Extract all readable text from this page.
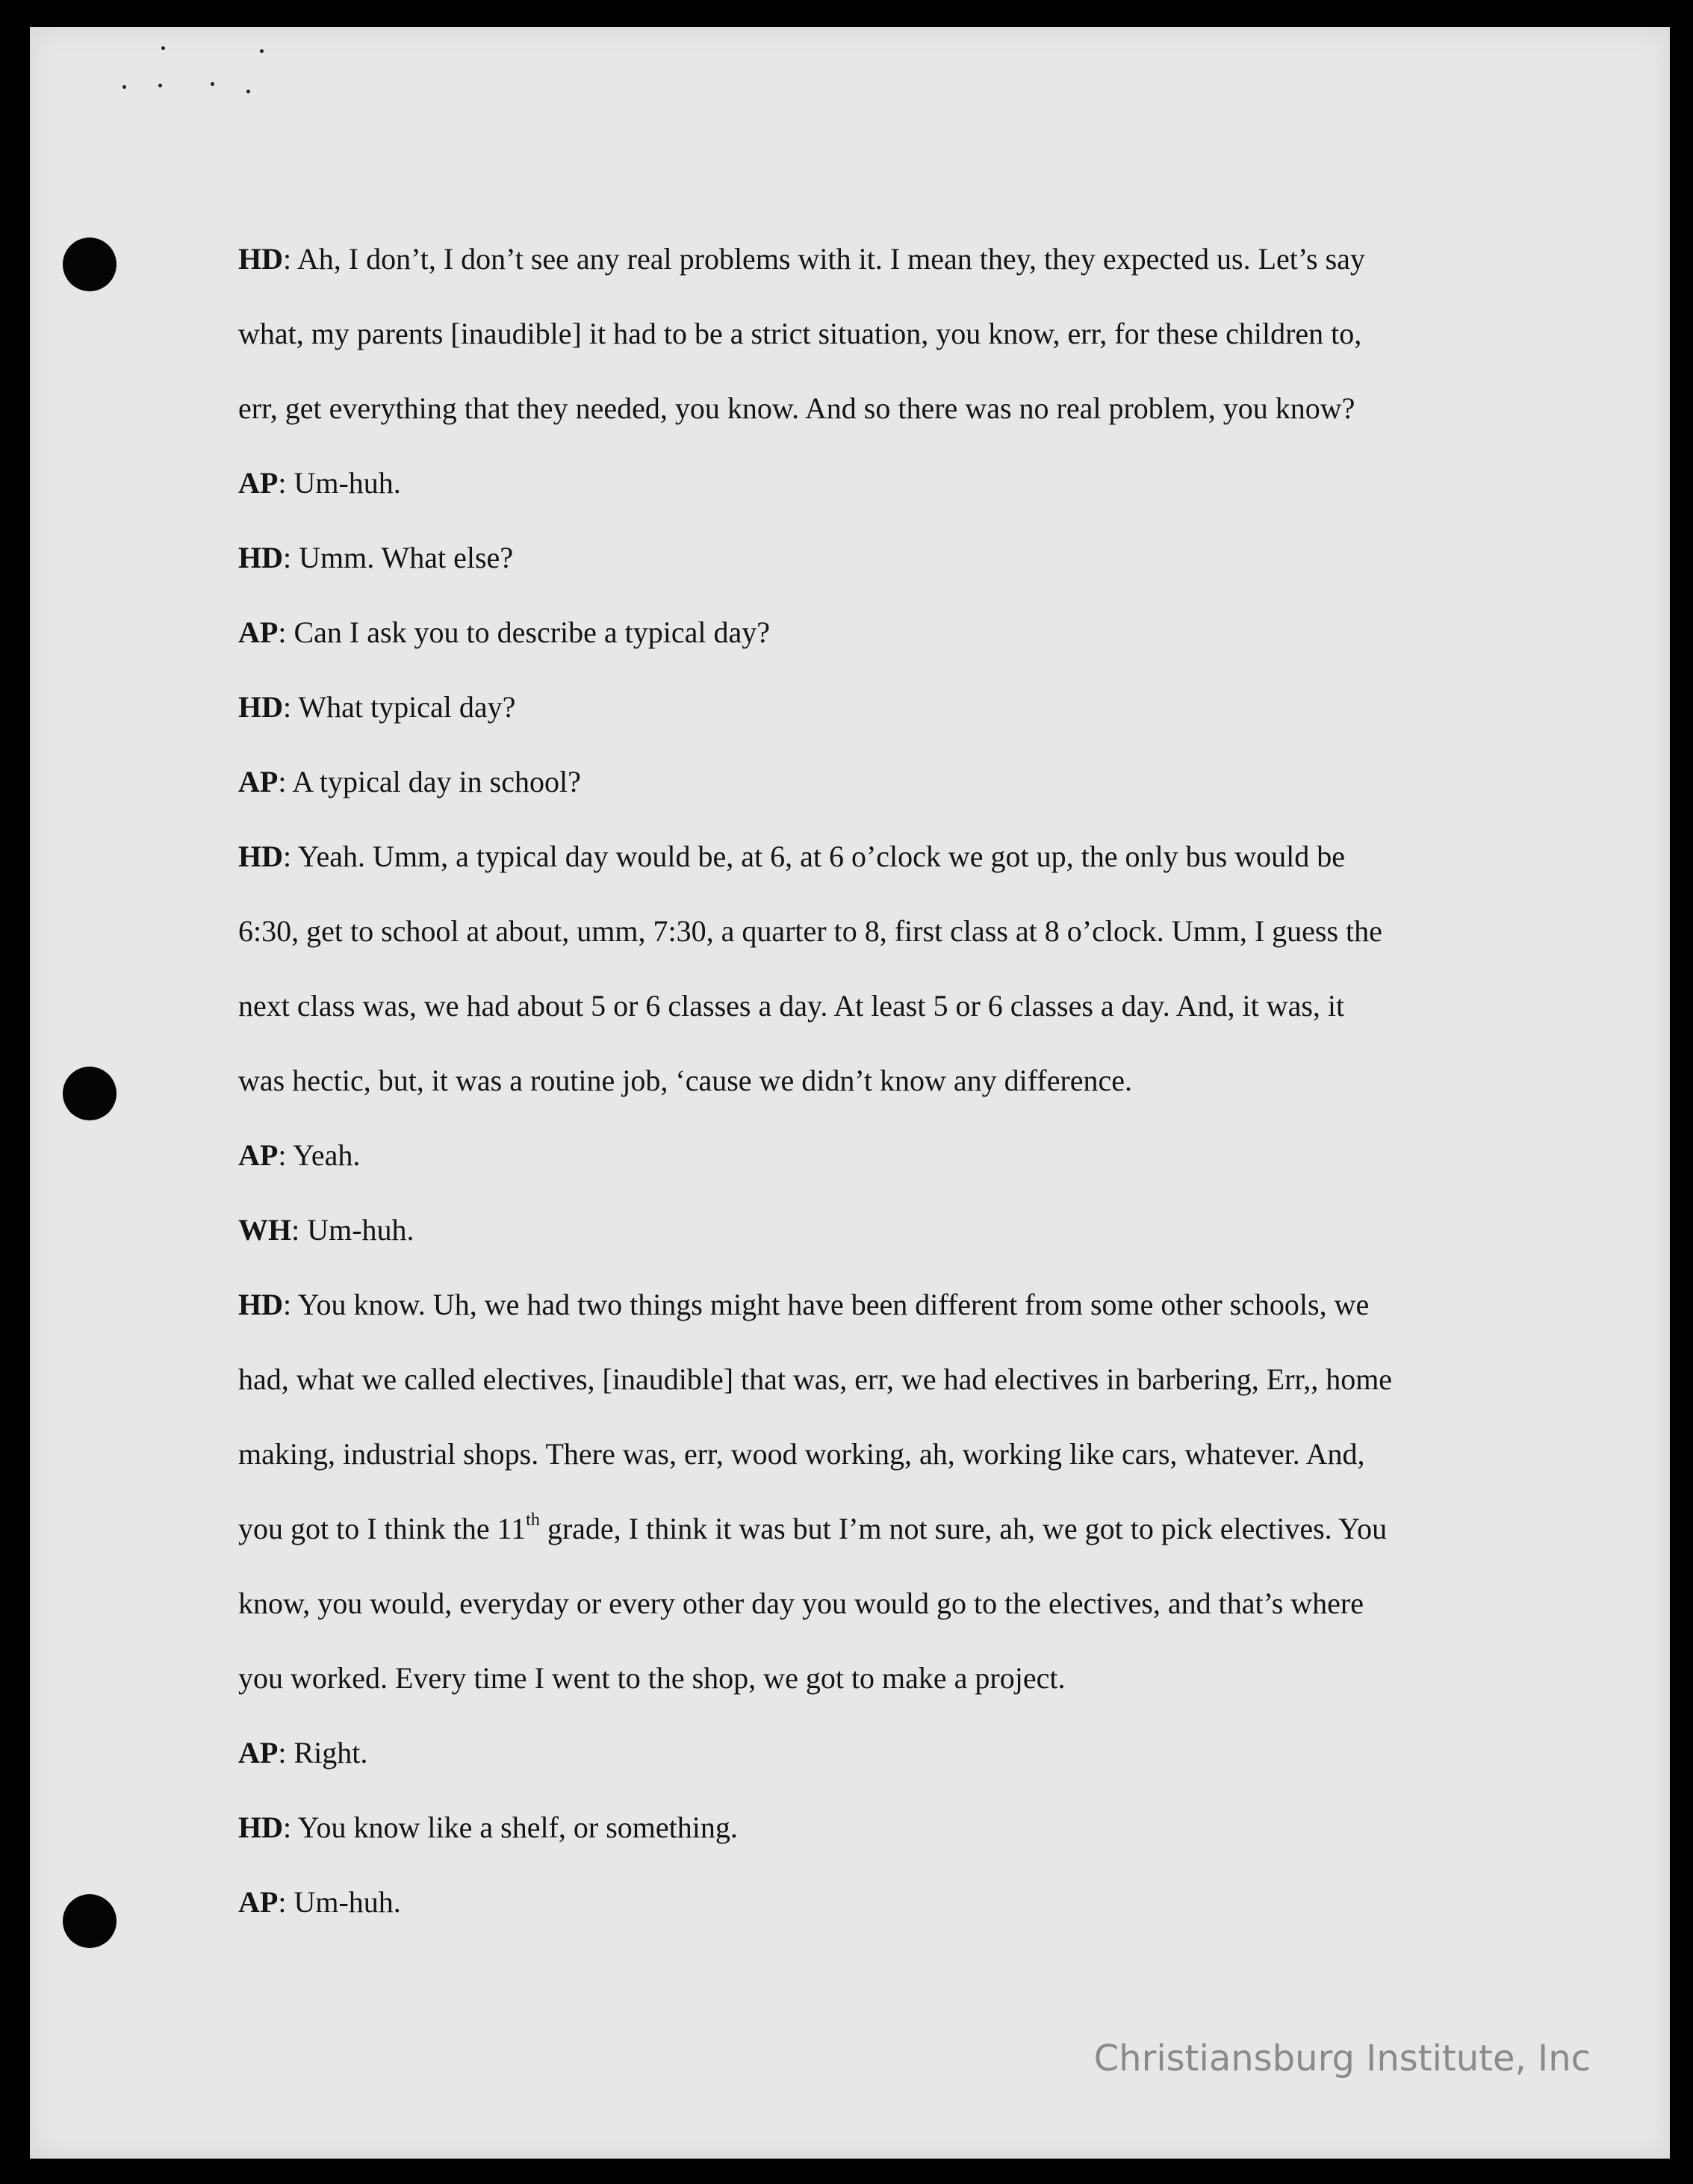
HD: Ah, I don’t, I don’t see any real problems with it. I mean they, they expected us. Let’s say
what, my parents [inaudible] it had to be a strict situation, you know, err, for these children to,
err, get everything that they needed, you know. And so there was no real problem, you know?
AP: Um-huh.
HD: Umm. What else?
AP: Can I ask you to describe a typical day?
HD: What typical day?
AP: A typical day in school?
HD: Yeah. Umm, a typical day would be, at 6, at 6 o’clock we got up, the only bus would be
6:30, get to school at about, umm, 7:30, a quarter to 8, first class at 8 o’clock. Umm, I guess the
next class was, we had about 5 or 6 classes a day. At least 5 or 6 classes a day. And, it was, it
was hectic, but, it was a routine job, ‘cause we didn’t know any difference.
AP: Yeah.
WH: Um-huh.
HD: You know. Uh, we had two things might have been different from some other schools, we
had, what we called electives, [inaudible] that was, err, we had electives in barbering, Err,, home
making, industrial shops. There was, err, wood working, ah, working like cars, whatever. And,
you got to I think the 11th grade, I think it was but I’m not sure, ah, we got to pick electives. You
know, you would, everyday or every other day you would go to the electives, and that’s where
you worked. Every time I went to the shop, we got to make a project.
AP: Right.
HD: You know like a shelf, or something.
AP: Um-huh.
Christiansburg Institute, Inc
